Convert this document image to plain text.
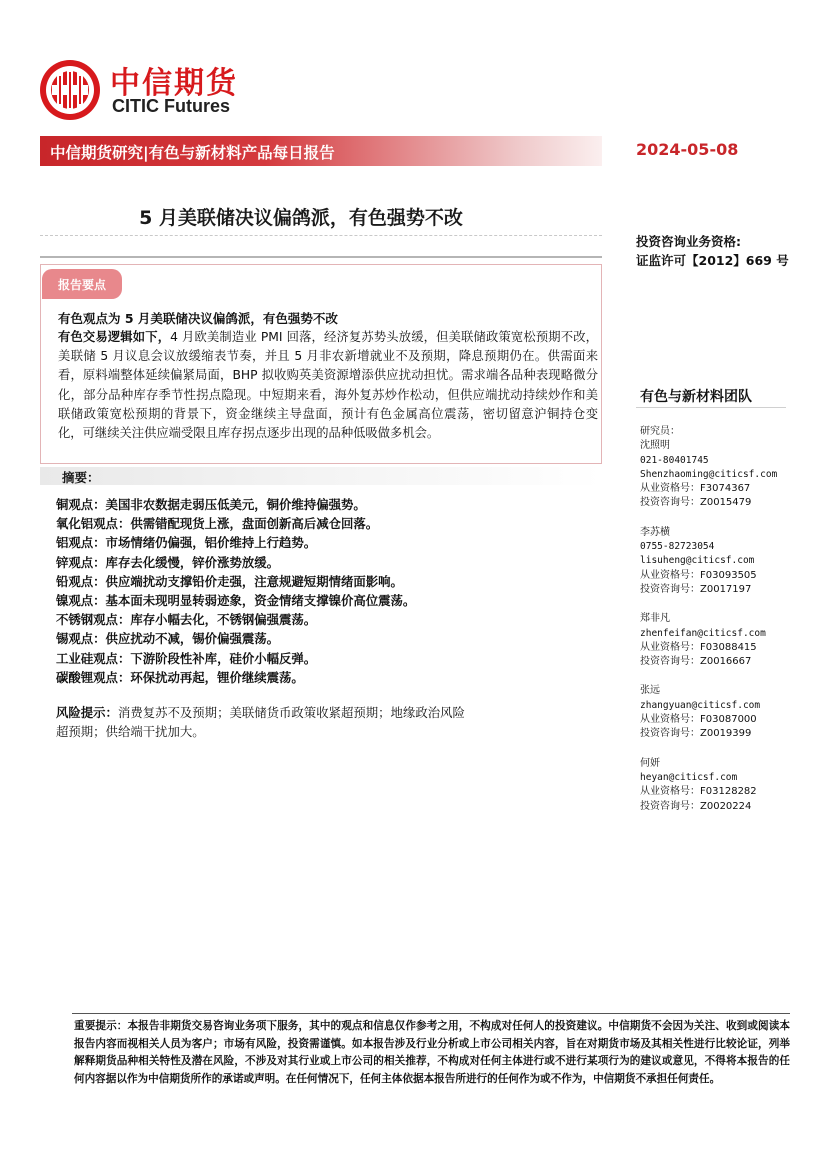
中信期货
CITIC Futures
中信期货研究|有色与新材料产品每日报告	2024-05-08
5 月美联储决议偏鸽派，有色强势不改
投资咨询业务资格:
证监许可【2012】669 号
报告要点
有色观点为 5 月美联储决议偏鸽派，有色强势不改
有色交易逻辑如下，4 月欧美制造业 PMI 回落，经济复苏势头放缓，但美联储政策宽松预期不改，美联储 5 月议息会议放缓缩表节奏，并且 5 月非农新增就业不及预期，降息预期仍在。供需面来看，原料端整体延续偏紧局面，BHP 拟收购英美资源增添供应扰动担忧。需求端各品种表现略微分化，部分品种库存季节性拐点隐现。中短期来看，海外复苏炒作松动，但供应端扰动持续炒作和美联储政策宽松预期的背景下，资金继续主导盘面，预计有色金属高位震荡，密切留意沪铜持仓变化，可继续关注供应端受限且库存拐点逐步出现的品种低吸做多机会。
摘要：
铜观点：美国非农数据走弱压低美元，铜价维持偏强势。
氧化铝观点：供需错配现货上涨，盘面创新高后减仓回落。
铝观点：市场情绪仍偏强，铝价维持上行趋势。
锌观点：库存去化缓慢，锌价涨势放缓。
铅观点：供应端扰动支撑铅价走强，注意规避短期情绪面影响。
镍观点：基本面未现明显转弱迹象，资金情绪支撑镍价高位震荡。
不锈钢观点：库存小幅去化，不锈钢偏强震荡。
锡观点：供应扰动不减，锡价偏强震荡。
工业硅观点：下游阶段性补库，硅价小幅反弹。
碳酸锂观点：环保扰动再起，锂价继续震荡。
风险提示：消费复苏不及预期；美联储货币政策收紧超预期；地缘政治风险
超预期；供给端干扰加大。
有色与新材料团队
研究员：
沈照明
021-80401745
Shenzhaoming@citicsf.com
从业资格号：F3074367
投资咨询号：Z0015479
李苏横
0755-82723054
lisuheng@citicsf.com
从业资格号：F03093505
投资咨询号：Z0017197
郑非凡
zhenfeifan@citicsf.com
从业资格号：F03088415
投资咨询号：Z0016667
张远
zhangyuan@citicsf.com
从业资格号：F03087000
投资咨询号：Z0019399
何妍
heyan@citicsf.com
从业资格号：F03128282
投资咨询号：Z0020224
重要提示：本报告非期货交易咨询业务项下服务，其中的观点和信息仅作参考之用，不构成对任何人的投资建议。中信期货不会因为关注、收到或阅读本报告内容而视相关人员为客户；市场有风险，投资需谨慎。如本报告涉及行业分析或上市公司相关内容，旨在对期货市场及其相关性进行比较论证，列举解释期货品种相关特性及潜在风险，不涉及对其行业或上市公司的相关推荐，不构成对任何主体进行或不进行某项行为的建议或意见，不得将本报告的任何内容据以作为中信期货所作的承诺或声明。在任何情况下，任何主体依据本报告所进行的任何作为或不作为，中信期货不承担任何责任。
